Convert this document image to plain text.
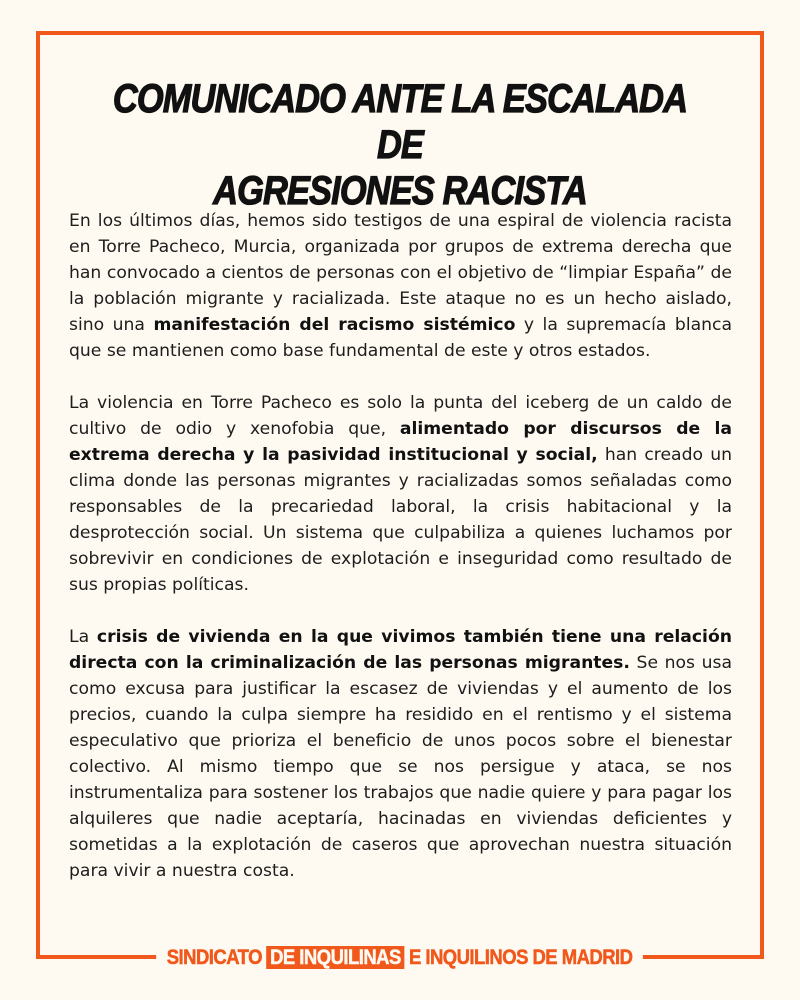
COMUNICADO ANTE LA ESCALADA DE
AGRESIONES RACISTA

En los últimos días, hemos sido testigos de una espiral de violencia racista en Torre Pacheco, Murcia, organizada por grupos de extrema derecha que han convocado a cientos de personas con el objetivo de “limpiar España” de la población migrante y racializada. Este ataque no es un hecho aislado, sino una manifestación del racismo sistémico y la supremacía blanca que se mantienen como base fundamental de este y otros estados.

La violencia en Torre Pacheco es solo la punta del iceberg de un caldo de cultivo de odio y xenofobia que, alimentado por discursos de la extrema derecha y la pasividad institucional y social, han creado un clima donde las personas migrantes y racializadas somos señaladas como responsables de la precariedad laboral, la crisis habitacional y la desprotección social. Un sistema que culpabiliza a quienes luchamos por sobrevivir en condiciones de explotación e inseguridad como resultado de sus propias políticas.

La crisis de vivienda en la que vivimos también tiene una relación directa con la criminalización de las personas migrantes. Se nos usa como excusa para justificar la escasez de viviendas y el aumento de los precios, cuando la culpa siempre ha residido en el rentismo y el sistema especulativo que prioriza el beneficio de unos pocos sobre el bienestar colectivo. Al mismo tiempo que se nos persigue y ataca, se nos instrumentaliza para sostener los trabajos que nadie quiere y para pagar los alquileres que nadie aceptaría, hacinadas en viviendas deficientes y sometidas a la explotación de caseros que aprovechan nuestra situación para vivir a nuestra costa.

SINDICATO DE INQUILINAS E INQUILINOS DE MADRID
